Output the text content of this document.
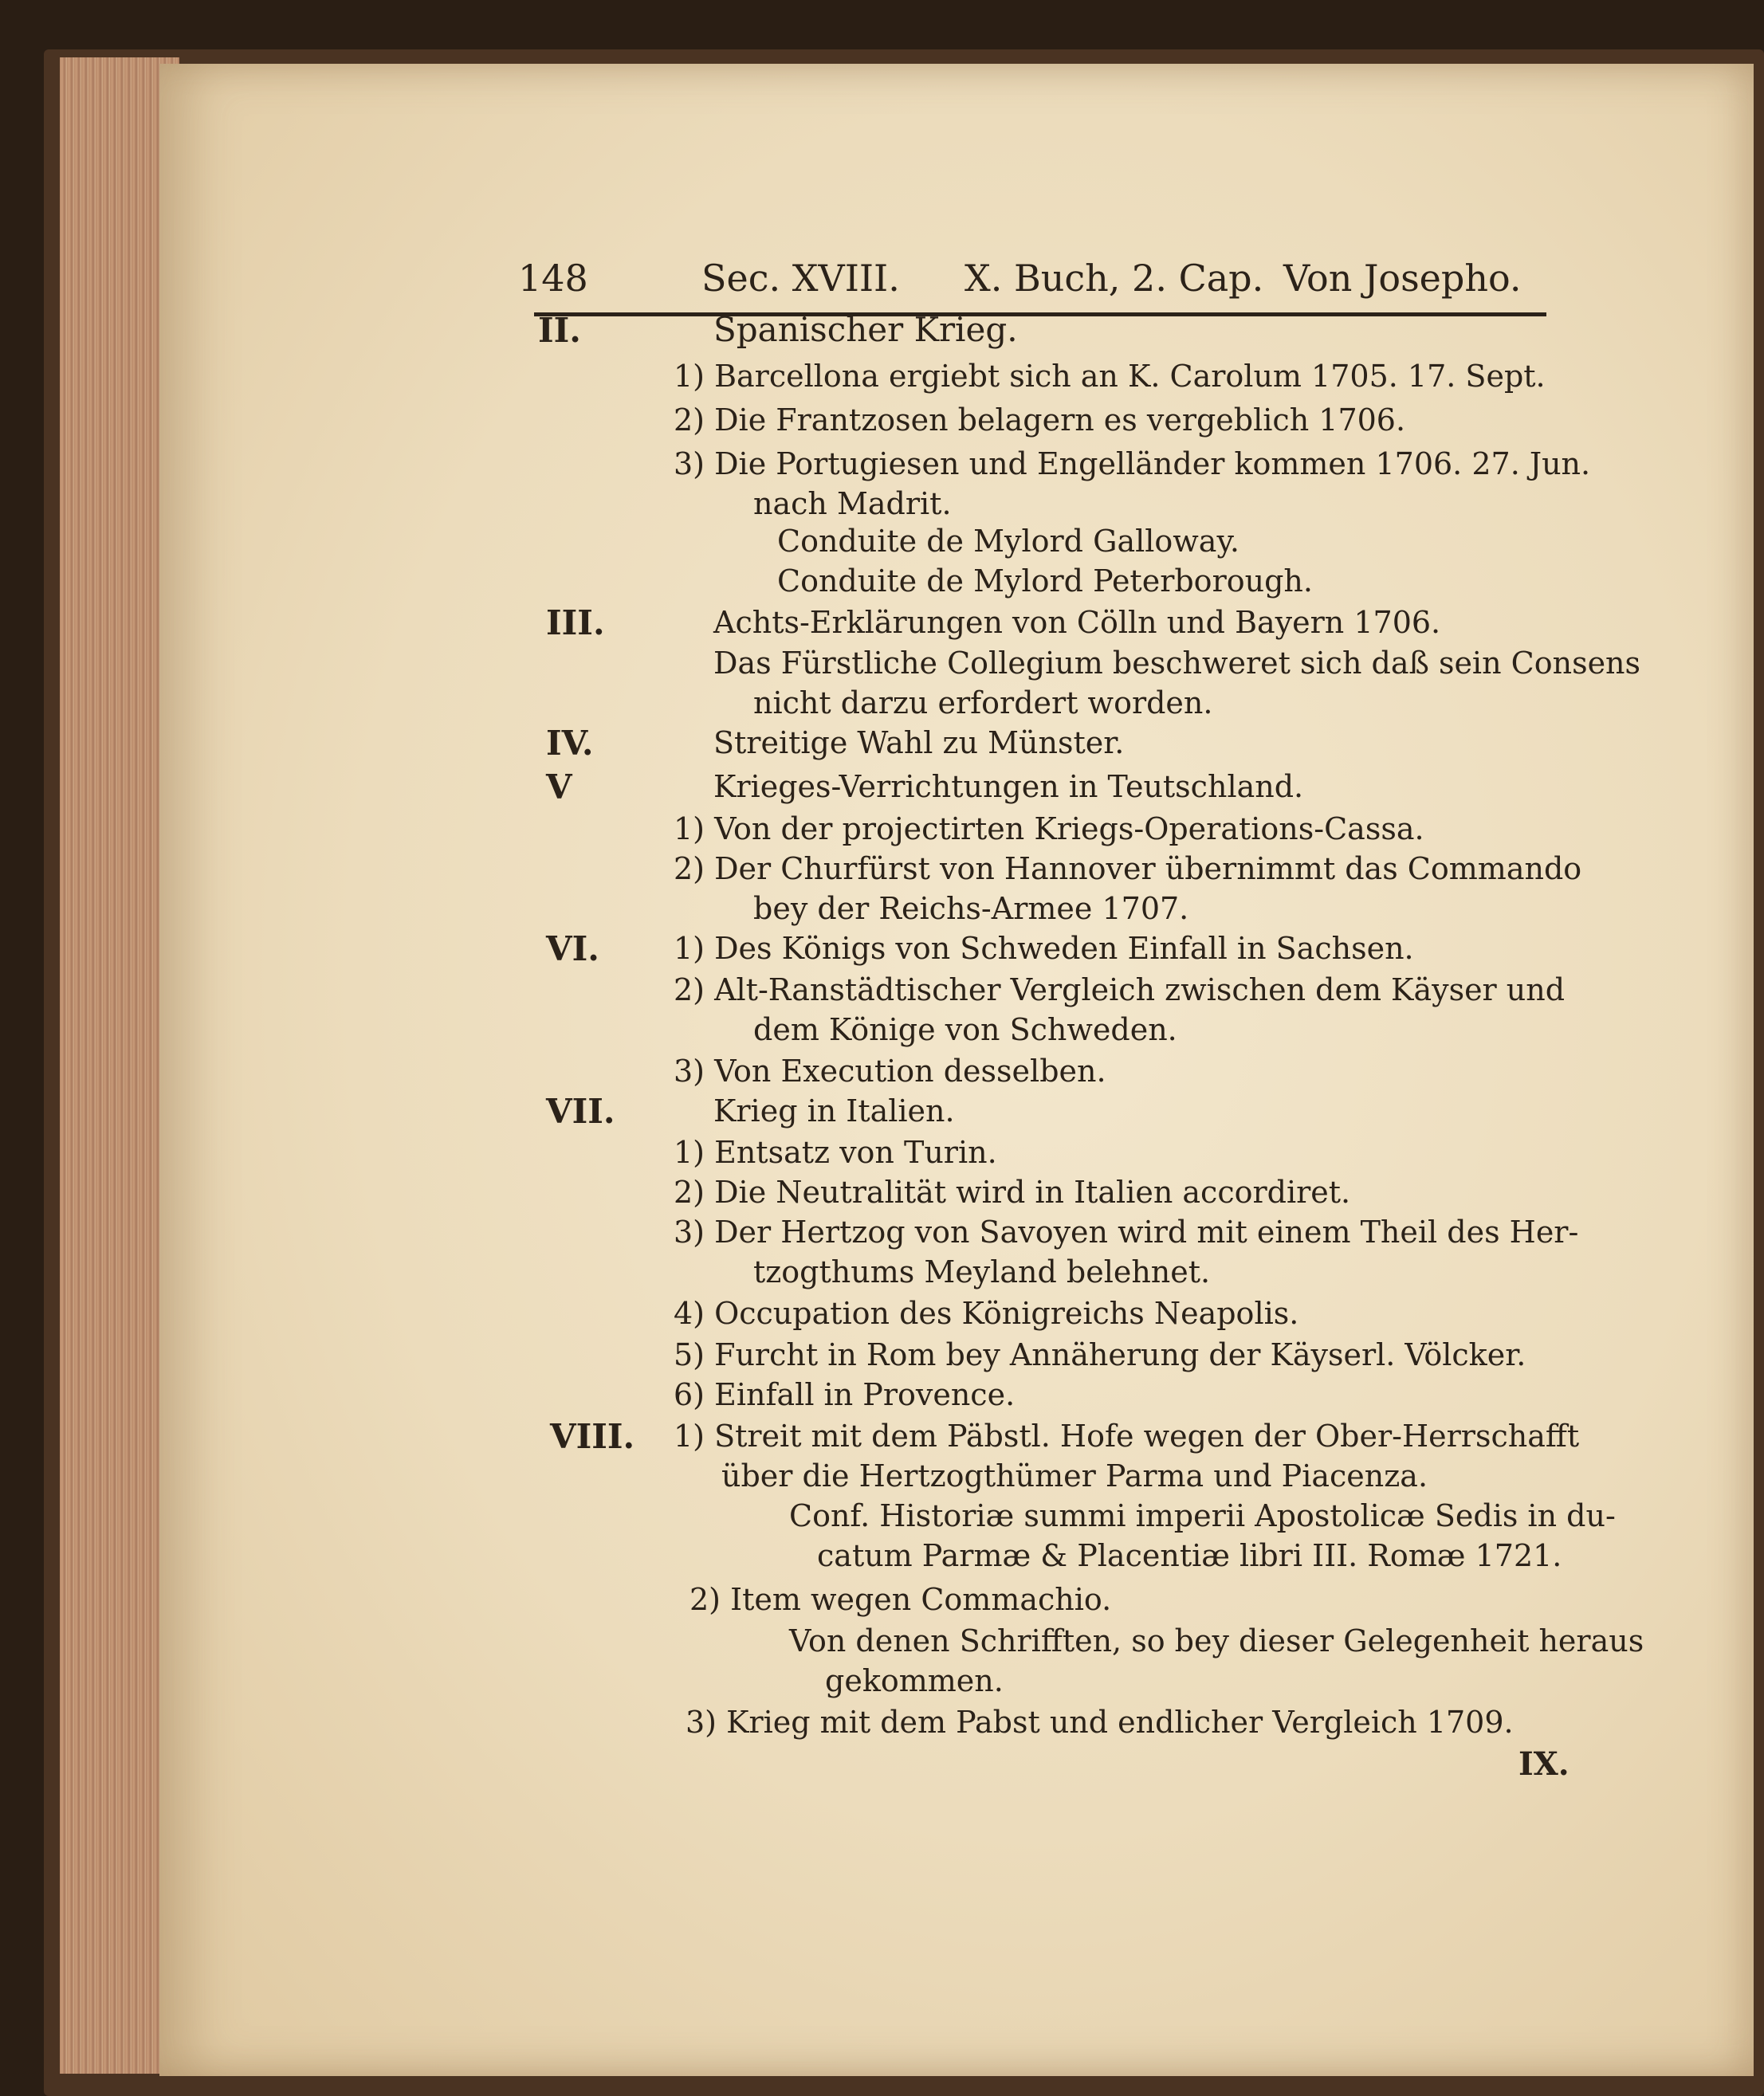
148	Sec. XVIII. X. Buch, 2. Cap. Von Josepho.
II.	Spanischer Krieg.
1) Barcellona ergiebt sich an K. Carolum 1705. 17. Sept.
2) Die Frantzosen belagern es vergeblich 1706.
3) Die Portugiesen und Engelländer kommen 1706. 27. Jun.
nach Madrit.
Conduite de Mylord Galloway.
Conduite de Mylord Peterborough.
III.	Achts-Erklärungen von Cölln und Bayern 1706.
Das Fürstliche Collegium beschweret sich daß sein Consens
nicht darzu erfordert worden.
IV.	Streitige Wahl zu Münster.
V	Krieges-Verrichtungen in Teutschland.
1) Von der projectirten Kriegs-Operations-Cassa.
2) Der Churfürst von Hannover übernimmt das Commando
bey der Reichs-Armee 1707.
VI. 1) Des Königs von Schweden Einfall in Sachsen.
2) Alt-Ranstädtischer Vergleich zwischen dem Käyser und
dem Könige von Schweden.
3) Von Execution desselben.
VII.	Krieg in Italien.
1) Entsatz von Turin.
2) Die Neutralität wird in Italien accordiret.
3) Der Hertzog von Savoyen wird mit einem Theil des Her-
tzogthums Meyland belehnet.
4) Occupation des Königreichs Neapolis.
5) Furcht in Rom bey Annäherung der Käyserl. Völcker.
6) Einfall in Provence.
VIII. 1) Streit mit dem Päbstl. Hofe wegen der Ober-Herrschafft
über die Hertzogthümer Parma und Piacenza.
Conf. Historiæ summi imperii Apostolicæ Sedis in du-
catum Parmæ & Placentiæ libri III. Romæ 1721.
2) Item wegen Commachio.
Von denen Schrifften, so bey dieser Gelegenheit heraus
gekommen.
3) Krieg mit dem Pabst und endlicher Vergleich 1709.
IX.
